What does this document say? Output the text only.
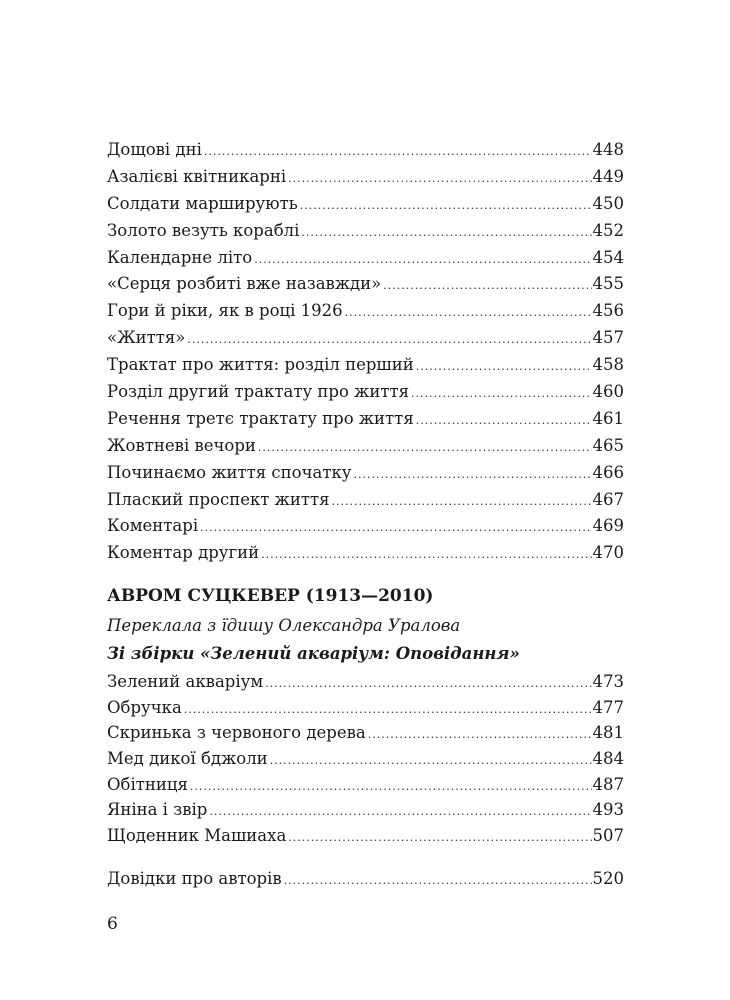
Дощові дні .....	448
Азалієві квітникарні .....	449
Солдати марширують .....	450
Золото везуть кораблі .....	452
Календарне літо .....	454
«Серця розбиті вже назавжди» .....	455
Гори й ріки, як в році 1926 .....	456
«Життя» .....	457
Трактат про життя: розділ перший .....	458
Розділ другий трактату про життя .....	460
Речення третє трактату про життя .....	461
Жовтневі вечори .....	465
Починаємо життя спочатку .....	466
Плаский проспект життя .....	467
Коментарі .....	469
Коментар другий .....	470
АВРОМ СУЦКЕВЕР (1913—2010)
Переклала з їдишу Олександра Уралова
Зі збірки «Зелений акваріум: Оповідання»
Зелений акваріум .....	473
Обручка .....	477
Скринька з червоного дерева .....	481
Мед дикої бджоли .....	484
Обітниця .....	487
Яніна і звір .....	493
Щоденник Машиаха .....	507
Довідки про авторів .....	520
6
